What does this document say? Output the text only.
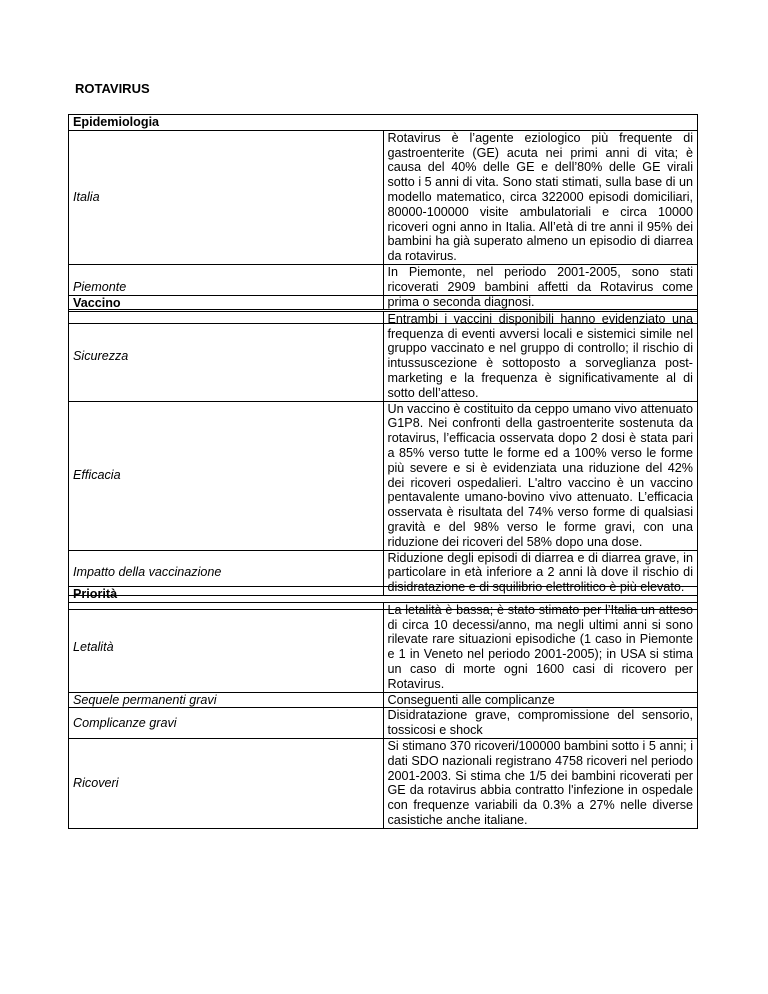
ROTAVIRUS
Epidemiologia	
Italia	Rotavirus è l’agente eziologico più frequente di gastroenterite (GE) acuta nei primi anni di vita; è causa del 40% delle GE e dell’80% delle GE virali sotto i 5 anni di vita. Sono stati stimati, sulla base di un modello matematico, circa 322000 episodi domiciliari, 80000-100000 visite ambulatoriali e circa 10000 ricoveri ogni anno in Italia. All’età di tre anni il 95% dei bambini ha già superato almeno un episodio di diarrea da rotavirus.
Piemonte	In Piemonte, nel periodo 2001-2005, sono stati ricoverati 2909 bambini affetti da Rotavirus come prima o seconda diagnosi.

Vaccino	
Sicurezza	Entrambi i vaccini disponibili hanno evidenziato una frequenza di eventi avversi locali e sistemici simile nel gruppo vaccinato e nel gruppo di controllo; il rischio di intussuscezione è sottoposto a sorveglianza post-marketing e la frequenza è significativamente al di sotto dell’atteso.
Efficacia	Un vaccino è costituito da ceppo umano vivo attenuato G1P8. Nei confronti della gastroenterite sostenuta da rotavirus, l’efficacia osservata dopo 2 dosi è stata pari a 85% verso tutte le forme ed a 100% verso le forme più severe e si è evidenziata una riduzione del 42% dei ricoveri ospedalieri. L'altro vaccino è un vaccino pentavalente umano-bovino vivo attenuato. L’efficacia osservata è risultata del 74% verso forme di qualsiasi gravità e del 98% verso le forme gravi, con una riduzione dei ricoveri del 58% dopo una dose.
Impatto della vaccinazione	Riduzione degli episodi di diarrea e di diarrea grave, in particolare in età inferiore a 2 anni là dove il rischio di disidratazione e di squilibrio elettrolitico è più elevato.

Priorità	
Letalità	La letalità è bassa; è stato stimato per l’Italia un atteso di circa 10 decessi/anno, ma negli ultimi anni si sono rilevate rare situazioni episodiche (1 caso in Piemonte e 1 in Veneto nel periodo 2001-2005); in USA si stima un caso di morte ogni 1600 casi di ricovero per Rotavirus.
Sequele permanenti gravi	Conseguenti alle complicanze
Complicanze gravi	Disidratazione grave, compromissione del sensorio, tossicosi e shock
Ricoveri	Si stimano 370 ricoveri/100000 bambini sotto i 5 anni; i dati SDO nazionali registrano 4758 ricoveri nel periodo 2001-2003. Si stima che 1/5 dei bambini ricoverati per GE da rotavirus abbia contratto l'infezione in ospedale con frequenze variabili da 0.3% a 27% nelle diverse casistiche anche italiane.
